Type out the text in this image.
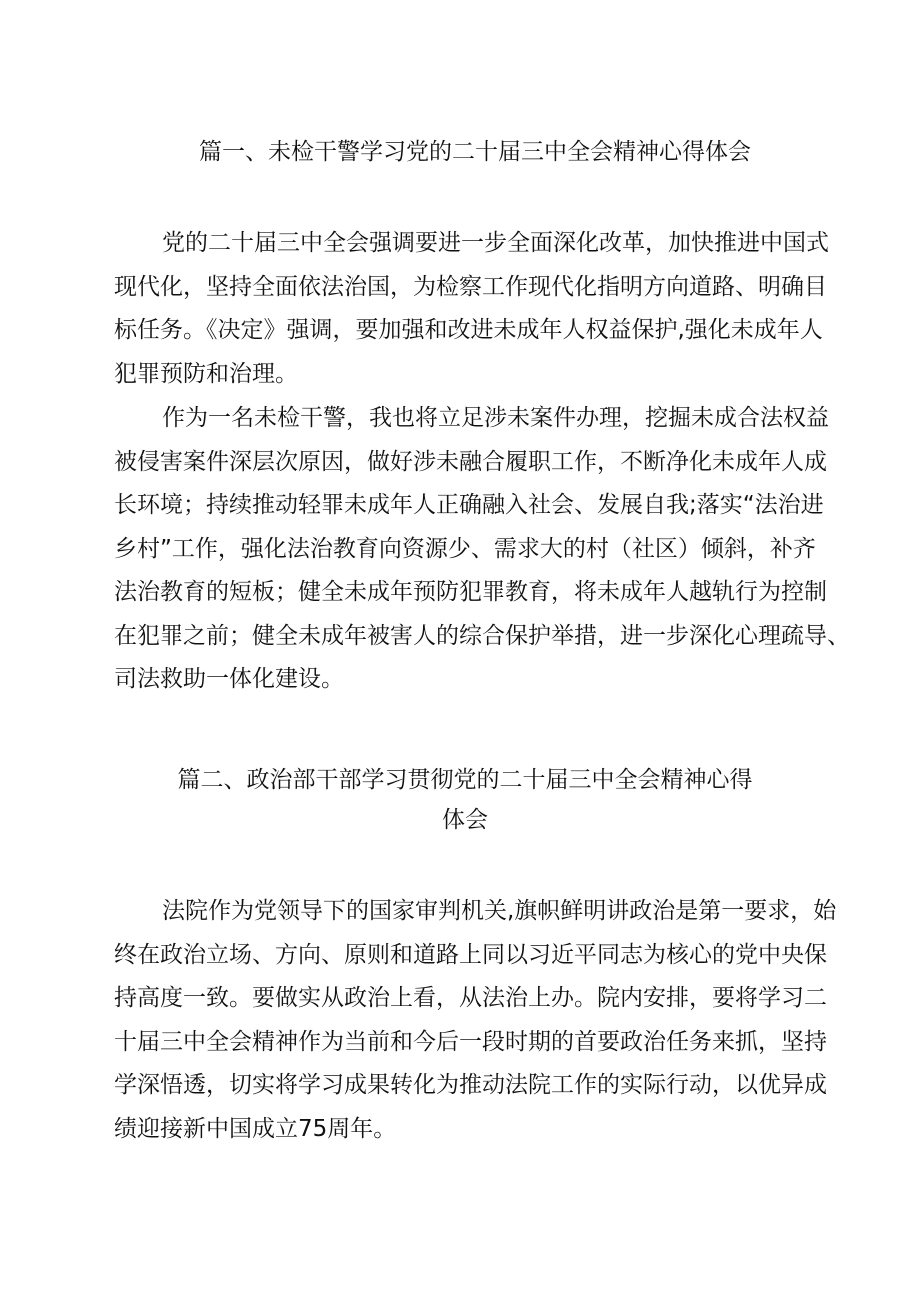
篇一、未检干警学习党的二十届三中全会精神心得体会
党的二十届三中全会强调要进一步全面深化改革，加快推进中国式
现代化，坚持全面依法治国，为检察工作现代化指明方向道路、明确目
标任务。《决定》强调，要加强和改进未成年人权益保护,强化未成年人
犯罪预防和治理。
作为一名未检干警，我也将立足涉未案件办理，挖掘未成合法权益
被侵害案件深层次原因，做好涉未融合履职工作，不断净化未成年人成
长环境；持续推动轻罪未成年人正确融入社会、发展自我;落实“法治进
乡村”工作，强化法治教育向资源少、需求大的村（社区）倾斜，补齐
法治教育的短板；健全未成年预防犯罪教育，将未成年人越轨行为控制
在犯罪之前；健全未成年被害人的综合保护举措，进一步深化心理疏导、
司法救助一体化建设。
篇二、政治部干部学习贯彻党的二十届三中全会精神心得
体会
法院作为党领导下的国家审判机关,旗帜鲜明讲政治是第一要求，始
终在政治立场、方向、原则和道路上同以习近平同志为核心的党中央保
持高度一致。要做实从政治上看，从法治上办。院内安排，要将学习二
十届三中全会精神作为当前和今后一段时期的首要政治任务来抓，坚持
学深悟透，切实将学习成果转化为推动法院工作的实际行动，以优异成
绩迎接新中国成立75周年。
